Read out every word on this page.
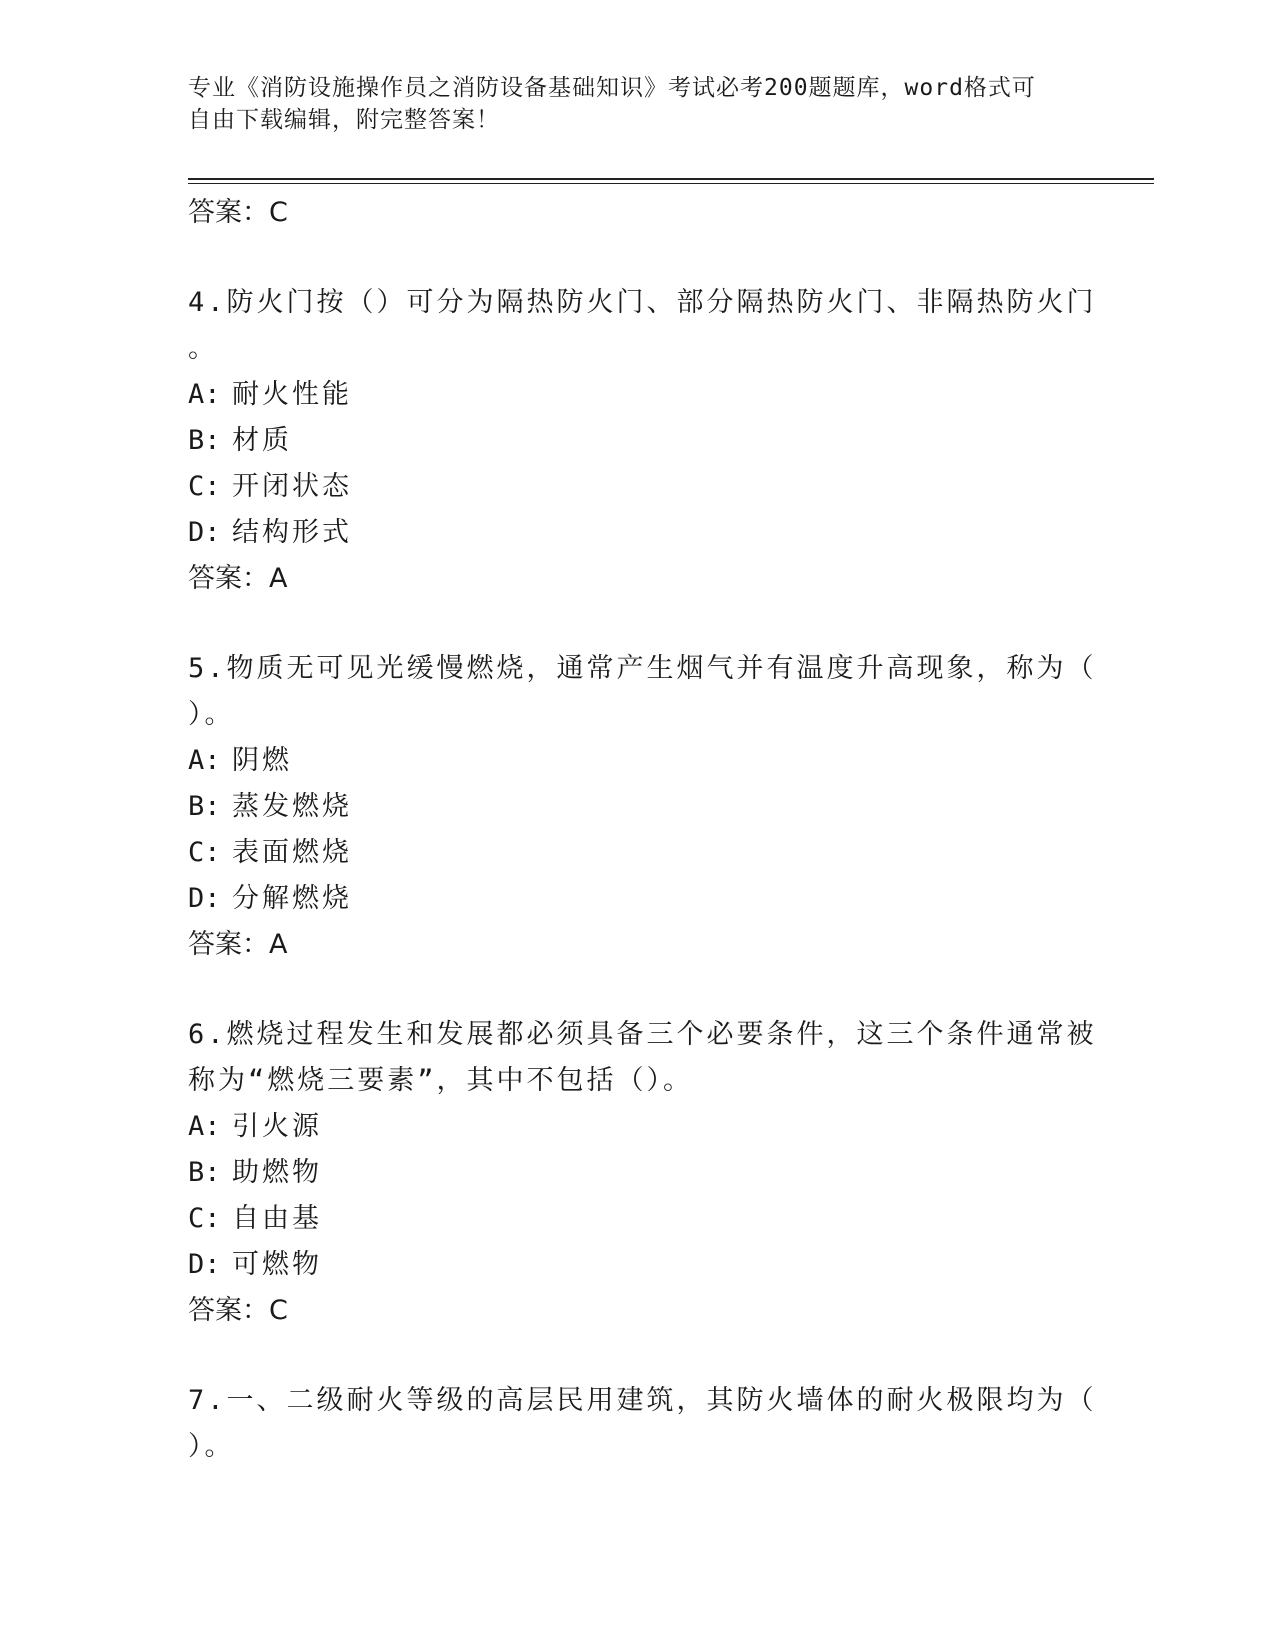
专业《消防设施操作员之消防设备基础知识》考试必考200题题库，word格式可
自由下载编辑，附完整答案！
答案：C
4.防火门按（）可分为隔热防火门、部分隔热防火门、非隔热防火门
。
A: 耐火性能
B: 材质
C: 开闭状态
D: 结构形式
答案：A
5.物质无可见光缓慢燃烧，通常产生烟气并有温度升高现象，称为（
）。
A: 阴燃
B: 蒸发燃烧
C: 表面燃烧
D: 分解燃烧
答案：A
6.燃烧过程发生和发展都必须具备三个必要条件，这三个条件通常被
称为“燃烧三要素”，其中不包括（）。
A: 引火源
B: 助燃物
C: 自由基
D: 可燃物
答案：C
7.一、二级耐火等级的高层民用建筑，其防火墙体的耐火极限均为（
）。
